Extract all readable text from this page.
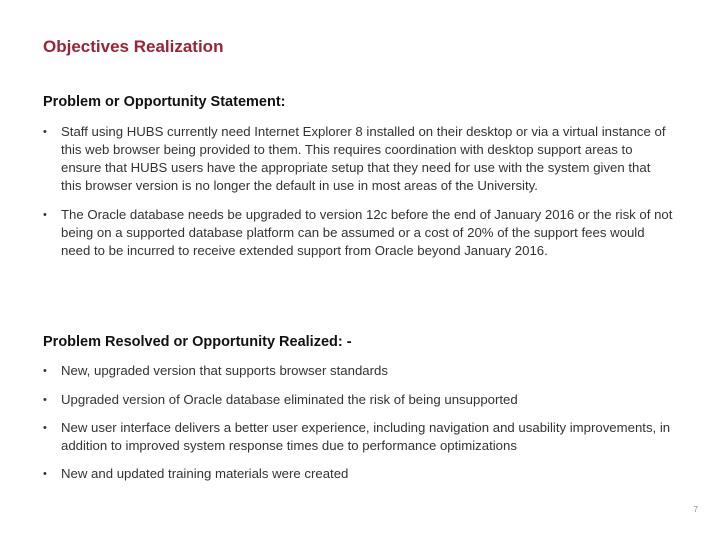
Objectives Realization
Problem or Opportunity Statement:
• Staff using HUBS currently need Internet Explorer 8 installed on their desktop or via a virtual instance of this web browser being provided to them. This requires coordination with desktop support areas to ensure that HUBS users have the appropriate setup that they need for use with the system given that this browser version is no longer the default in use in most areas of the University.
• The Oracle database needs be upgraded to version 12c before the end of January 2016 or the risk of not being on a supported database platform can be assumed or a cost of 20% of the support fees would need to be incurred to receive extended support from Oracle beyond January 2016.
Problem Resolved or Opportunity Realized: -
• New, upgraded version that supports browser standards
• Upgraded version of Oracle database eliminated the risk of being unsupported
• New user interface delivers a better user experience, including navigation and usability improvements, in addition to improved system response times due to performance optimizations
• New and updated training materials were created
7
